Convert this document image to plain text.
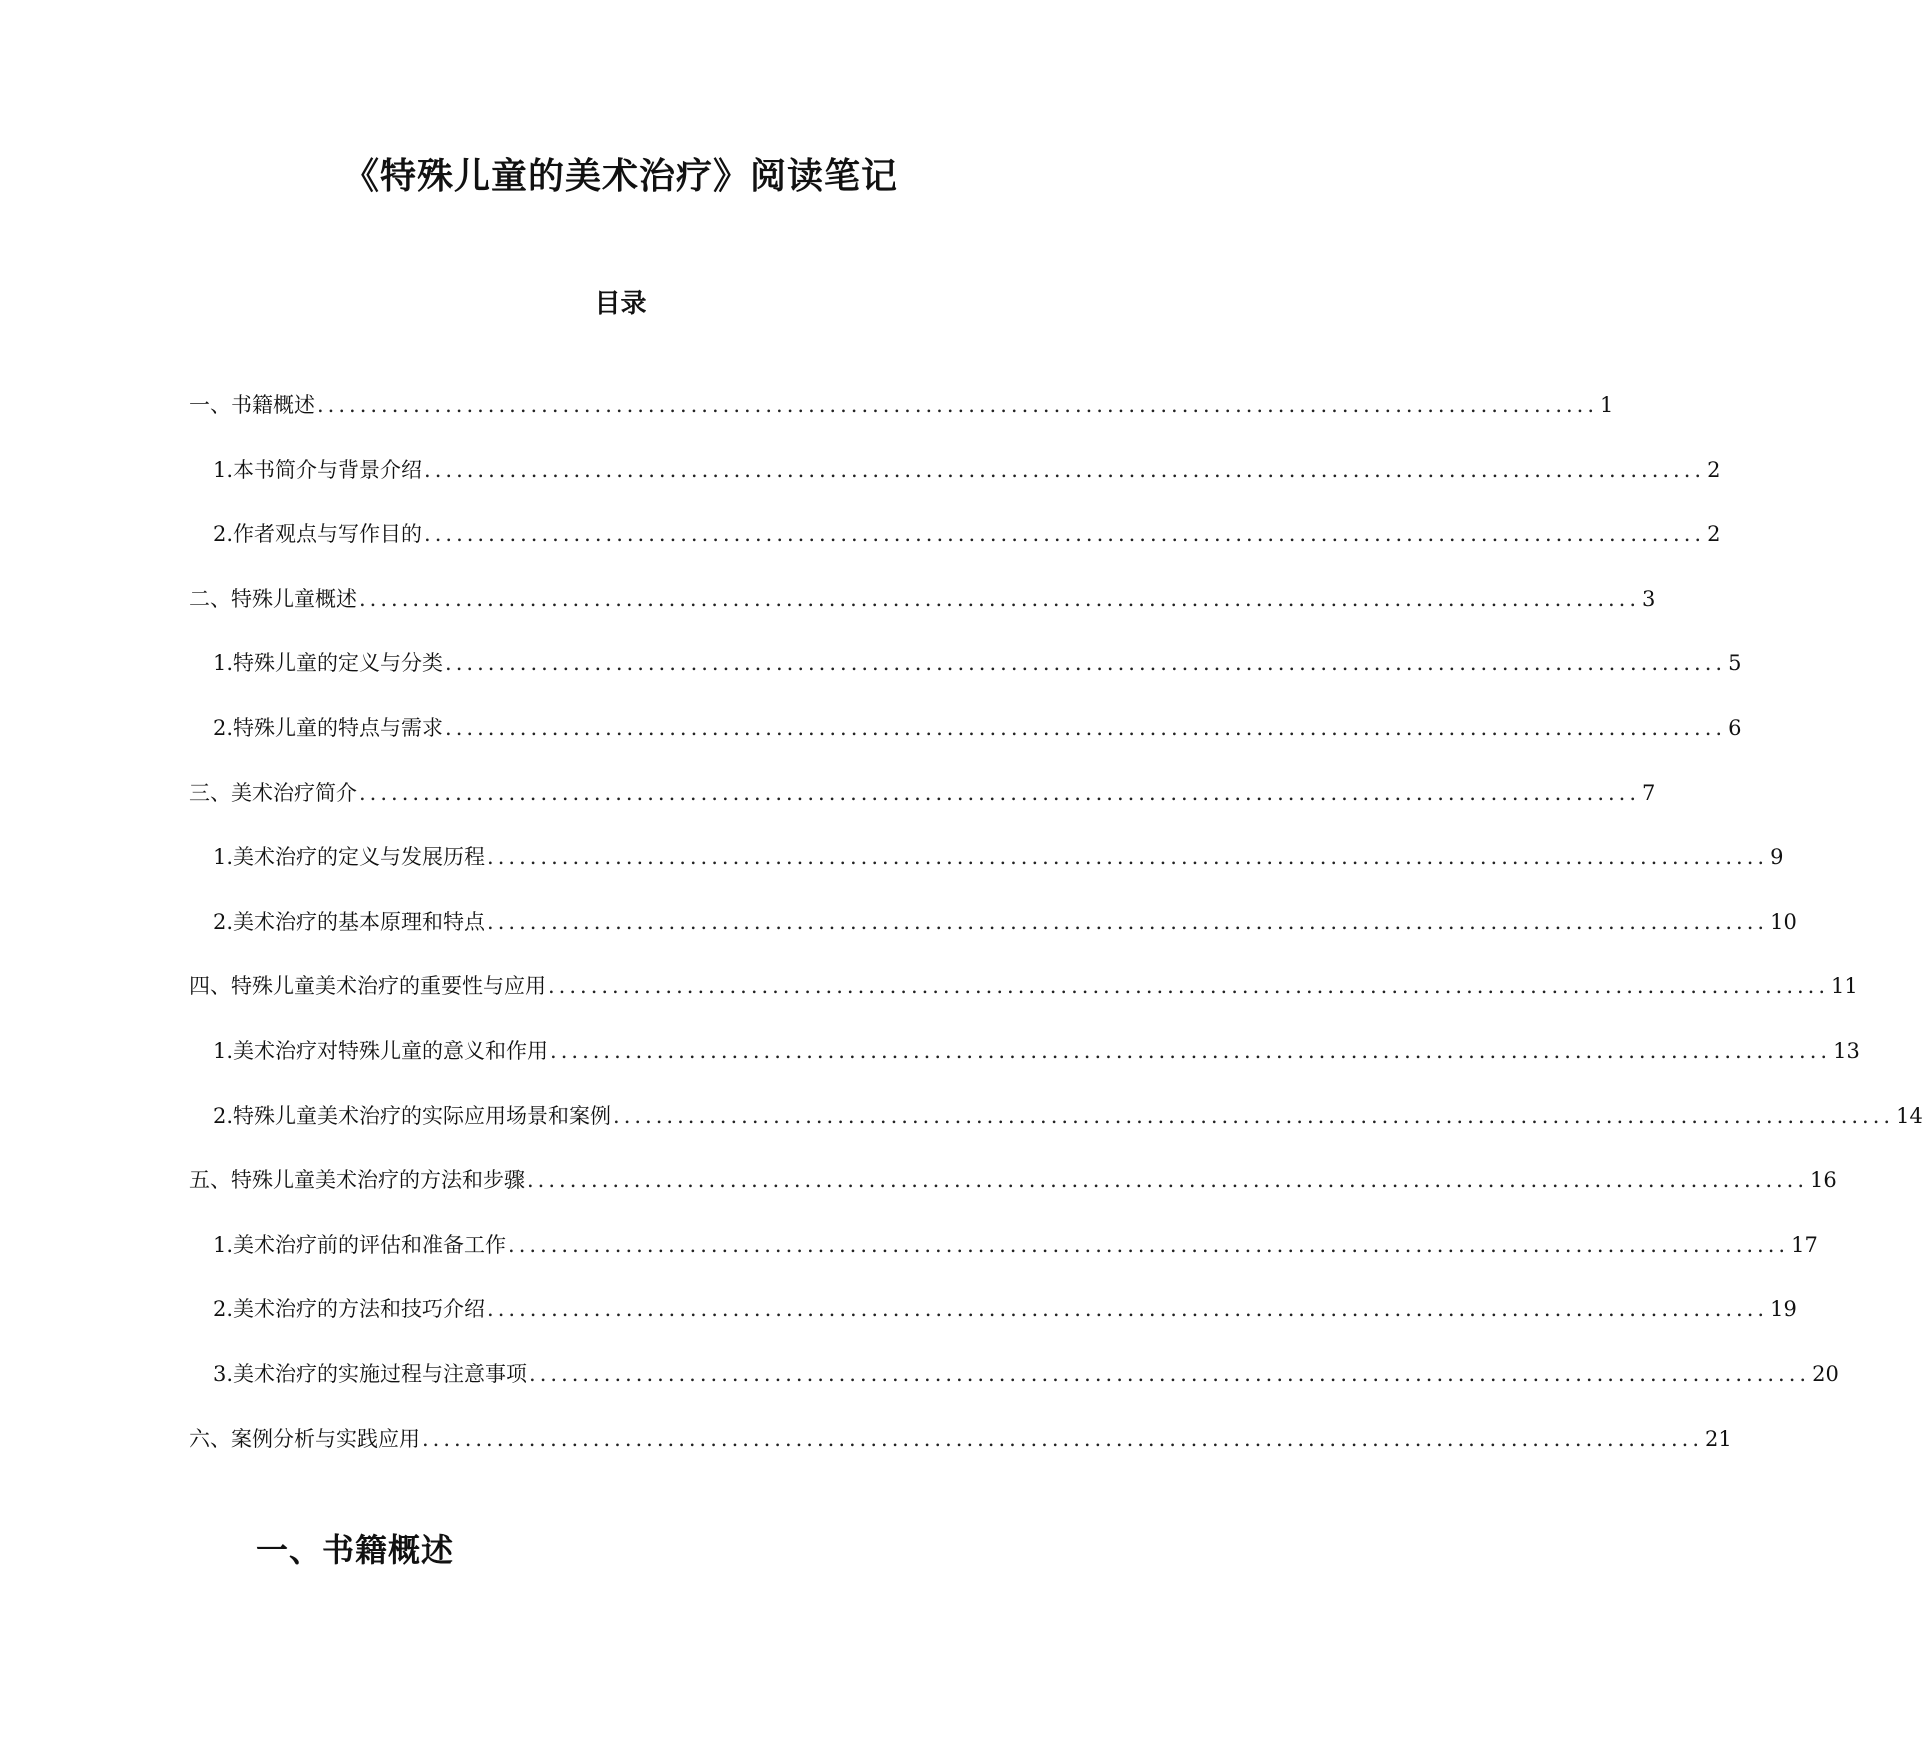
《特殊儿童的美术治疗》阅读笔记
目录
一、书籍概述 ........................................................................................................................ 1
1. 本书简介与背景介绍 ........................................................................................................................ 2
2. 作者观点与写作目的 ........................................................................................................................ 2
二、特殊儿童概述 ........................................................................................................................ 3
1. 特殊儿童的定义与分类 ........................................................................................................................ 5
2. 特殊儿童的特点与需求 ........................................................................................................................ 6
三、美术治疗简介 ........................................................................................................................ 7
1. 美术治疗的定义与发展历程 ........................................................................................................................ 9
2. 美术治疗的基本原理和特点 ........................................................................................................................ 10
四、特殊儿童美术治疗的重要性与应用 ........................................................................................................................ 11
1. 美术治疗对特殊儿童的意义和作用 ........................................................................................................................ 13
2. 特殊儿童美术治疗的实际应用场景和案例 ........................................................................................................................ 14
五、特殊儿童美术治疗的方法和步骤 ........................................................................................................................ 16
1. 美术治疗前的评估和准备工作 ........................................................................................................................ 17
2. 美术治疗的方法和技巧介绍 ........................................................................................................................ 19
3. 美术治疗的实施过程与注意事项 ........................................................................................................................ 20
六、案例分析与实践应用 ........................................................................................................................ 21
一、书籍概述
